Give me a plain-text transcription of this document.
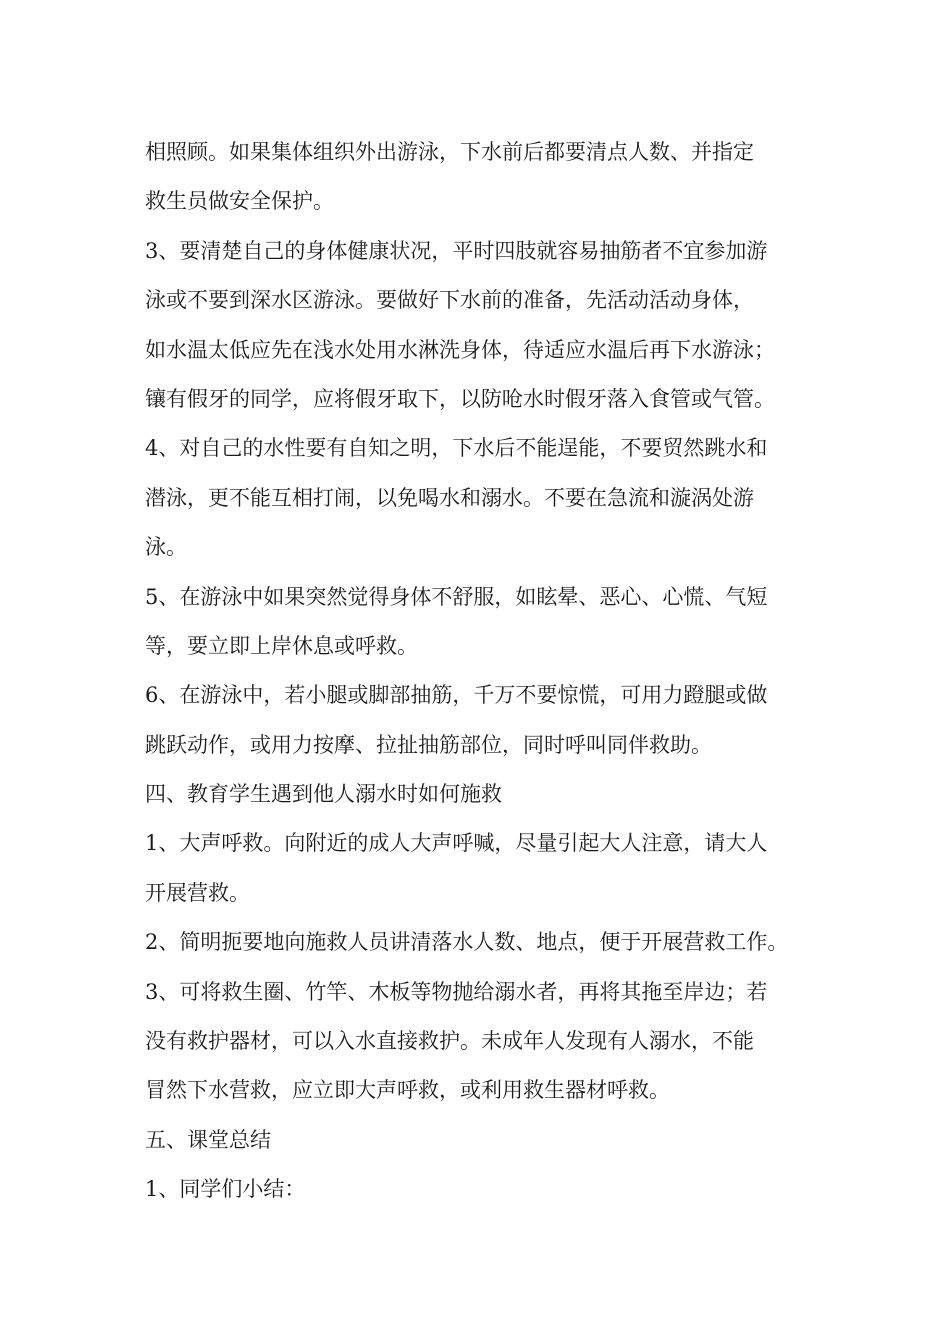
相照顾。如果集体组织外出游泳，下水前后都要清点人数、并指定
救生员做安全保护。
3、要清楚自己的身体健康状况，平时四肢就容易抽筋者不宜参加游
泳或不要到深水区游泳。要做好下水前的准备，先活动活动身体，
如水温太低应先在浅水处用水淋洗身体，待适应水温后再下水游泳；
镶有假牙的同学，应将假牙取下，以防呛水时假牙落入食管或气管。
4、对自己的水性要有自知之明，下水后不能逞能，不要贸然跳水和
潜泳，更不能互相打闹，以免喝水和溺水。不要在急流和漩涡处游
泳。
5、在游泳中如果突然觉得身体不舒服，如眩晕、恶心、心慌、气短
等，要立即上岸休息或呼救。
6、在游泳中，若小腿或脚部抽筋，千万不要惊慌，可用力蹬腿或做
跳跃动作，或用力按摩、拉扯抽筋部位，同时呼叫同伴救助。
四、教育学生遇到他人溺水时如何施救
1、大声呼救。向附近的成人大声呼喊，尽量引起大人注意，请大人
开展营救。
2、简明扼要地向施救人员讲清落水人数、地点，便于开展营救工作。
3、可将救生圈、竹竿、木板等物抛给溺水者，再将其拖至岸边；若
没有救护器材，可以入水直接救护。未成年人发现有人溺水，不能
冒然下水营救，应立即大声呼救，或利用救生器材呼救。
五、课堂总结
1、同学们小结：
